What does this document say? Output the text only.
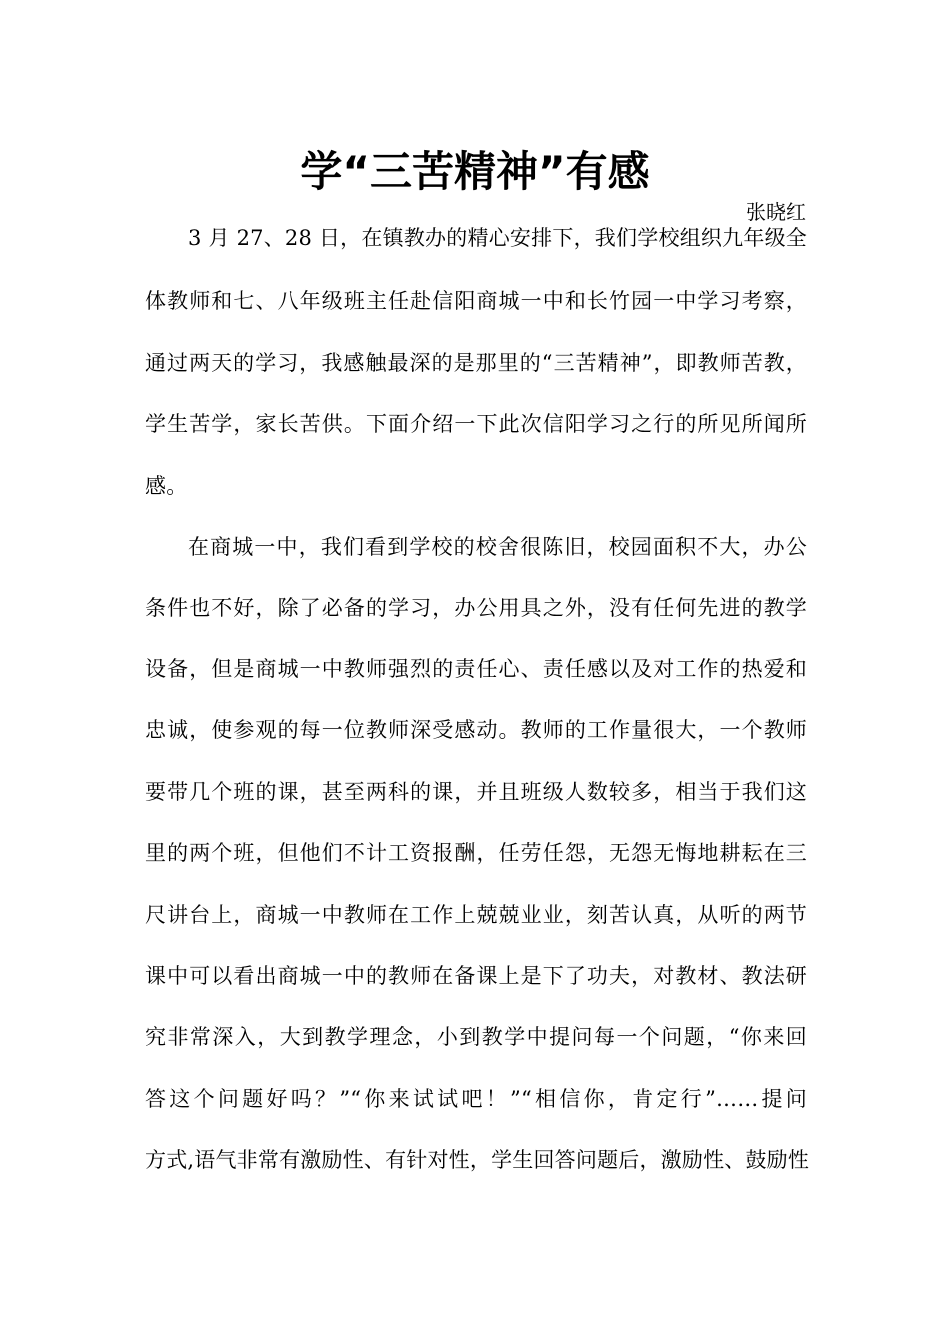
学“三苦精神”有感
张晓红

3 月 27、28 日，在镇教办的精心安排下，我们学校组织九年级全

体教师和七、八年级班主任赴信阳商城一中和长竹园一中学习考察，

通过两天的学习，我感触最深的是那里的“三苦精神”，即教师苦教，

学生苦学，家长苦供。下面介绍一下此次信阳学习之行的所见所闻所

感。

在商城一中，我们看到学校的校舍很陈旧，校园面积不大，办公

条件也不好，除了必备的学习，办公用具之外，没有任何先进的教学

设备，但是商城一中教师强烈的责任心、责任感以及对工作的热爱和

忠诚，使参观的每一位教师深受感动。教师的工作量很大，一个教师

要带几个班的课，甚至两科的课，并且班级人数较多，相当于我们这

里的两个班，但他们不计工资报酬，任劳任怨，无怨无悔地耕耘在三

尺讲台上，商城一中教师在工作上兢兢业业，刻苦认真，从听的两节

课中可以看出商城一中的教师在备课上是下了功夫，对教材、教法研

究非常深入，大到教学理念，小到教学中提问每一个问题，“你来回

答这个问题好吗？”“你来试试吧！”“相信你，肯定行”……提问

方式,语气非常有激励性、有针对性，学生回答问题后，激励性、鼓励性
